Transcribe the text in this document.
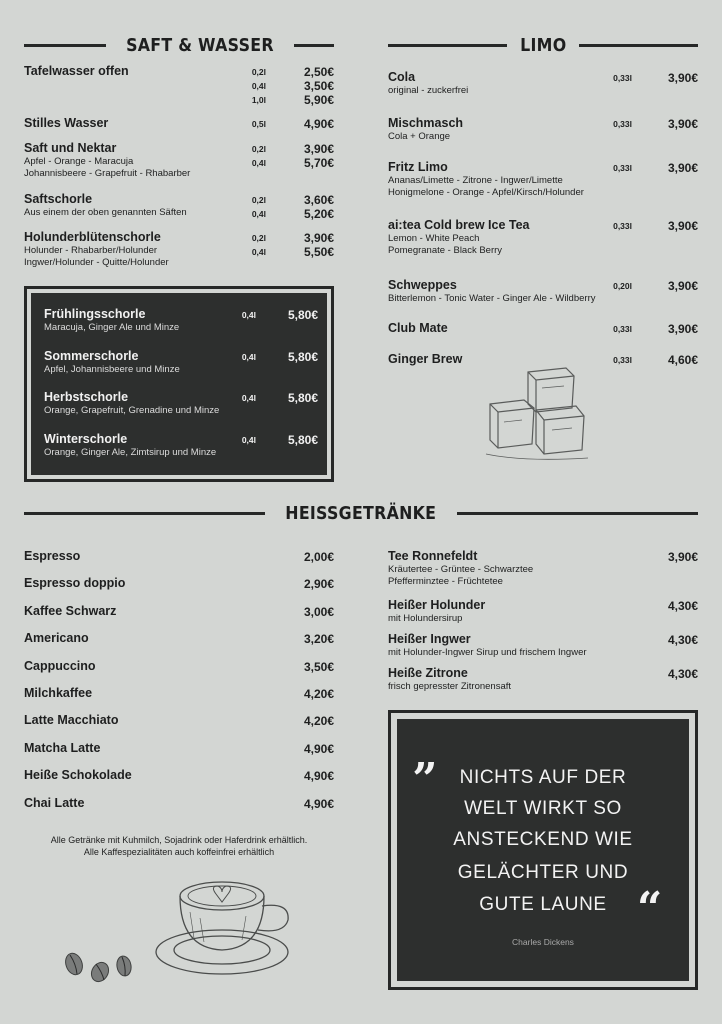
SAFT & WASSER	LIMO
Tafelwasser offen	0,2l	2,50€
0,4l	3,50€
1,0l	5,90€
Stilles Wasser	0,5l	4,90€
Saft und Nektar
Apfel - Orange - Maracuja
Johannisbeere - Grapefruit - Rhabarber
0,2l	3,90€
0,4l	5,70€
Saftschorle
Aus einem der oben genannten Säften
0,2l	3,60€
0,4l	5,20€
Holunderblütenschorle
Holunder - Rhabarber/Holunder
Ingwer/Holunder - Quitte/Holunder
0,2l	3,90€
0,4l	5,50€
Frühlingsschorle
Maracuja, Ginger Ale und Minze
0,4l	5,80€
Sommerschorle
Apfel, Johannisbeere und Minze
0,4l	5,80€
Herbstschorle
Orange, Grapefruit, Grenadine und Minze
0,4l	5,80€
Winterschorle
Orange, Ginger Ale, Zimtsirup und Minze
0,4l	5,80€
Cola
original - zuckerfrei
0,33l	3,90€
Mischmasch
Cola + Orange
0,33l	3,90€
Fritz Limo
Ananas/Limette - Zitrone - Ingwer/Limette
Honigmelone - Orange - Apfel/Kirsch/Holunder
0,33l	3,90€
ai:tea Cold brew Ice Tea
Lemon - White Peach
Pomegranate - Black Berry
0,33l	3,90€
Schweppes
Bitterlemon - Tonic Water - Ginger Ale - Wildberry
0,20l	3,90€
Club Mate	0,33l	3,90€
Ginger Brew	0,33l	4,60€
HEISSGETRÄNKE
Espresso	2,00€
Espresso doppio	2,90€
Kaffee Schwarz	3,00€
Americano	3,20€
Cappuccino	3,50€
Milchkaffee	4,20€
Latte Macchiato	4,20€
Matcha Latte	4,90€
Heiße Schokolade	4,90€
Chai Latte	4,90€
Alle Getränke mit Kuhmilch, Sojadrink oder Haferdrink erhältlich.
Alle Kaffespezialitäten auch koffeinfrei erhältlich
Tee Ronnefeldt
Kräutertee - Grüntee - Schwarztee
Pfefferminztee - Früchtetee
3,90€
Heißer Holunder
mit Holundersirup
4,30€
Heißer Ingwer
mit Holunder-Ingwer Sirup und frischem Ingwer
4,30€
Heiße Zitrone
frisch gepresster Zitronensaft
4,30€
„	NICHTS AUF DER
WELT WIRKT SO
ANSTECKEND WIE
GELÄCHTER UND
GUTE LAUNE “
Charles Dickens
